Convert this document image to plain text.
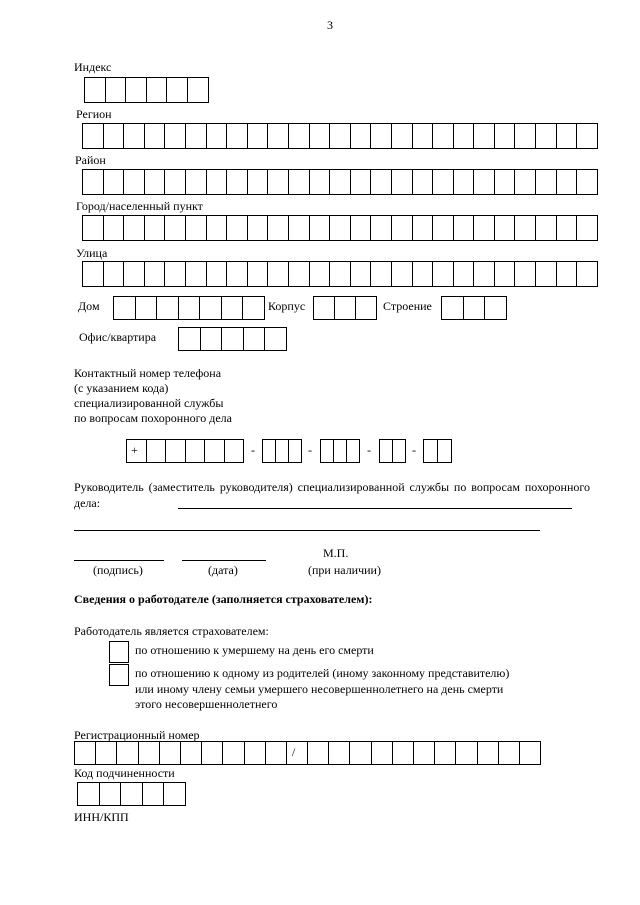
3
Индекс
Регион
Район
Город/населенный пункт
Улица
Дом	Корпус	Строение
Офис/квартира
Контактный номер телефона
(с указанием кода)
специализированной службы
по вопросам похоронного дела
+	-	-	-	-
Руководитель (заместитель руководителя) специализированной службы по вопросам похоронного дела:
М.П.
(подпись)	(дата)	(при наличии)
Сведения о работодателе (заполняется страхователем):
Работодатель является страхователем:
по отношению к умершему на день его смерти
по отношению к одному из родителей (иному законному представителю)
или иному члену семьи умершего несовершеннолетнего на день смерти
этого несовершеннолетнего
Регистрационный номер
/
Код подчиненности
ИНН/КПП
